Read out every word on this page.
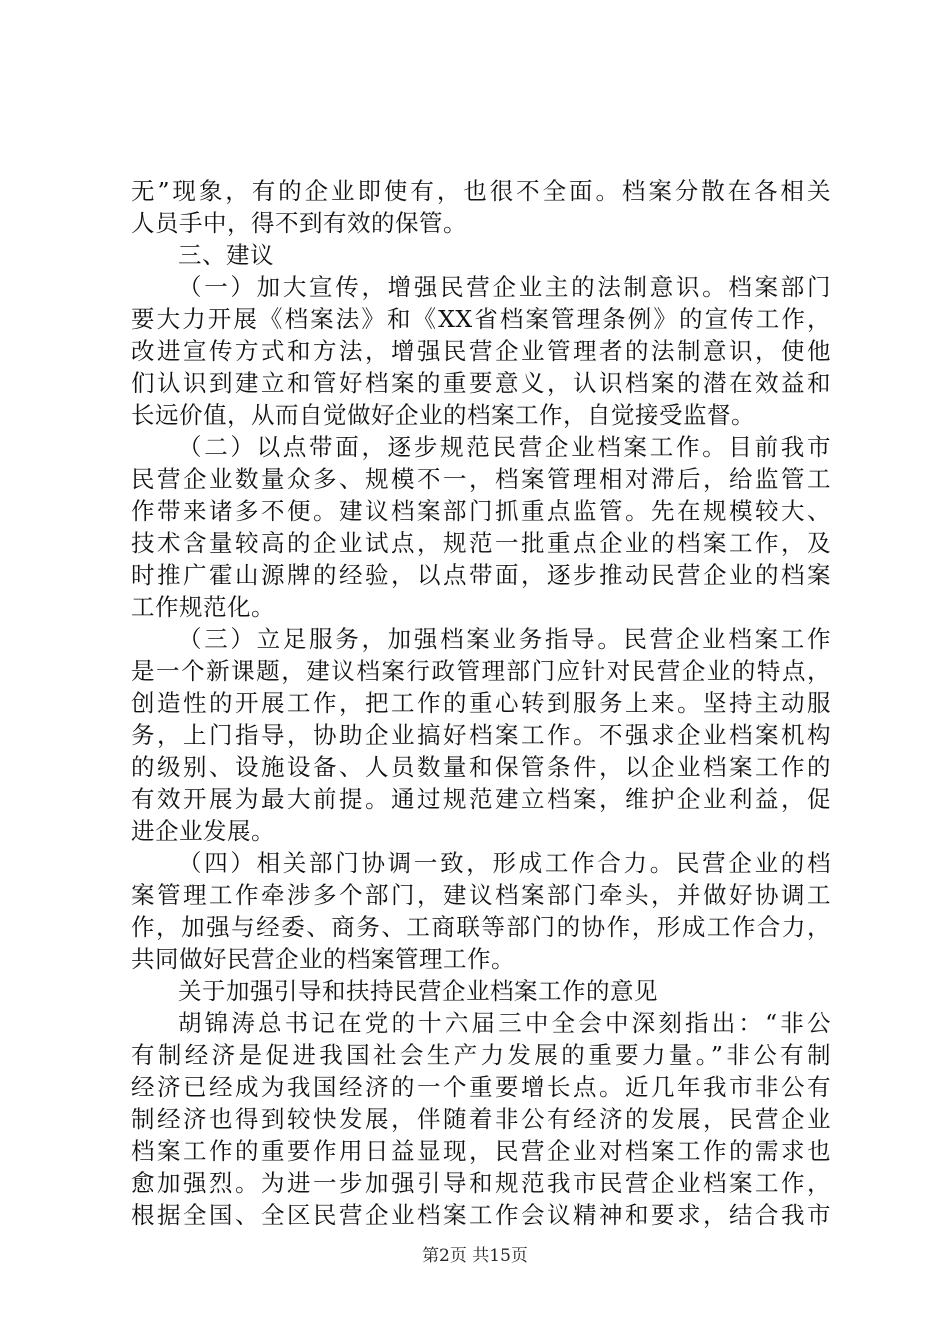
无”现象，有的企业即使有，也很不全面。档案分散在各相关
人员手中，得不到有效的保管。
三、建议
（一）加大宣传，增强民营企业主的法制意识。档案部门
要大力开展《档案法》和《XX省档案管理条例》的宣传工作，
改进宣传方式和方法，增强民营企业管理者的法制意识，使他
们认识到建立和管好档案的重要意义，认识档案的潜在效益和
长远价值，从而自觉做好企业的档案工作，自觉接受监督。
（二）以点带面，逐步规范民营企业档案工作。目前我市
民营企业数量众多、规模不一，档案管理相对滞后，给监管工
作带来诸多不便。建议档案部门抓重点监管。先在规模较大、
技术含量较高的企业试点，规范一批重点企业的档案工作，及
时推广霍山源牌的经验，以点带面，逐步推动民营企业的档案
工作规范化。
（三）立足服务，加强档案业务指导。民营企业档案工作
是一个新课题，建议档案行政管理部门应针对民营企业的特点，
创造性的开展工作，把工作的重心转到服务上来。坚持主动服
务，上门指导，协助企业搞好档案工作。不强求企业档案机构
的级别、设施设备、人员数量和保管条件，以企业档案工作的
有效开展为最大前提。通过规范建立档案，维护企业利益，促
进企业发展。
（四）相关部门协调一致，形成工作合力。民营企业的档
案管理工作牵涉多个部门，建议档案部门牵头，并做好协调工
作，加强与经委、商务、工商联等部门的协作，形成工作合力，
共同做好民营企业的档案管理工作。
关于加强引导和扶持民营企业档案工作的意见
胡锦涛总书记在党的十六届三中全会中深刻指出：“非公
有制经济是促进我国社会生产力发展的重要力量。”非公有制
经济已经成为我国经济的一个重要增长点。近几年我市非公有
制经济也得到较快发展，伴随着非公有经济的发展，民营企业
档案工作的重要作用日益显现，民营企业对档案工作的需求也
愈加强烈。为进一步加强引导和规范我市民营企业档案工作，
根据全国、全区民营企业档案工作会议精神和要求，结合我市
第2页 共15页
